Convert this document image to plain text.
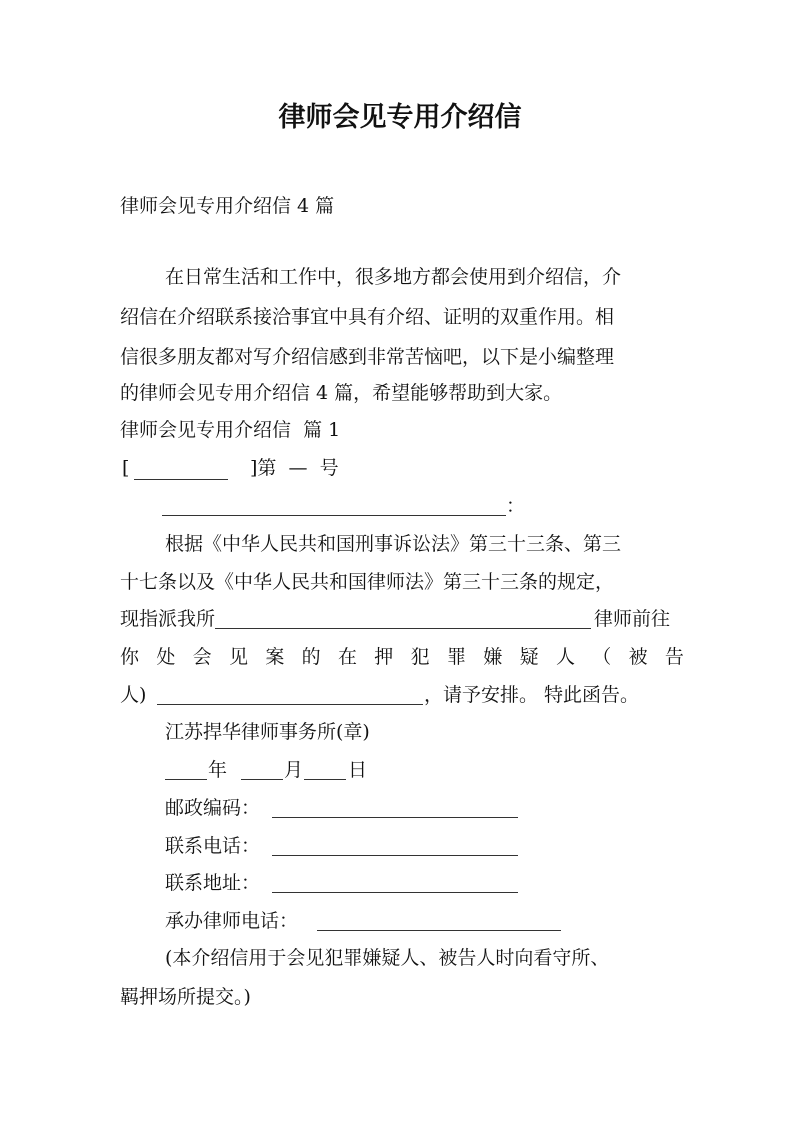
律师会见专用介绍信
律师会见专用介绍信 4 篇
在日常生活和工作中，很多地方都会使用到介绍信，介
绍信在介绍联系接洽事宜中具有介绍、证明的双重作用。相
信很多朋友都对写介绍信感到非常苦恼吧，以下是小编整理
的律师会见专用介绍信 4 篇，希望能够帮助到大家。
律师会见专用介绍信  篇 1
[	]第  —  号
：
根据《中华人民共和国刑事诉讼法》第三十三条、第三
十七条以及《中华人民共和国律师法》第三十三条的规定，
现指派我所	律师前往
你 处 会 见 案 的 在 押 犯 罪 嫌 疑 人 （ 被 告
人)	，请予安排。 特此函告。
江苏捍华律师事务所(章)
年	月 日
邮政编码：
联系电话：
联系地址：
承办律师电话：
(本介绍信用于会见犯罪嫌疑人、被告人时向看守所、
羁押场所提交。)
